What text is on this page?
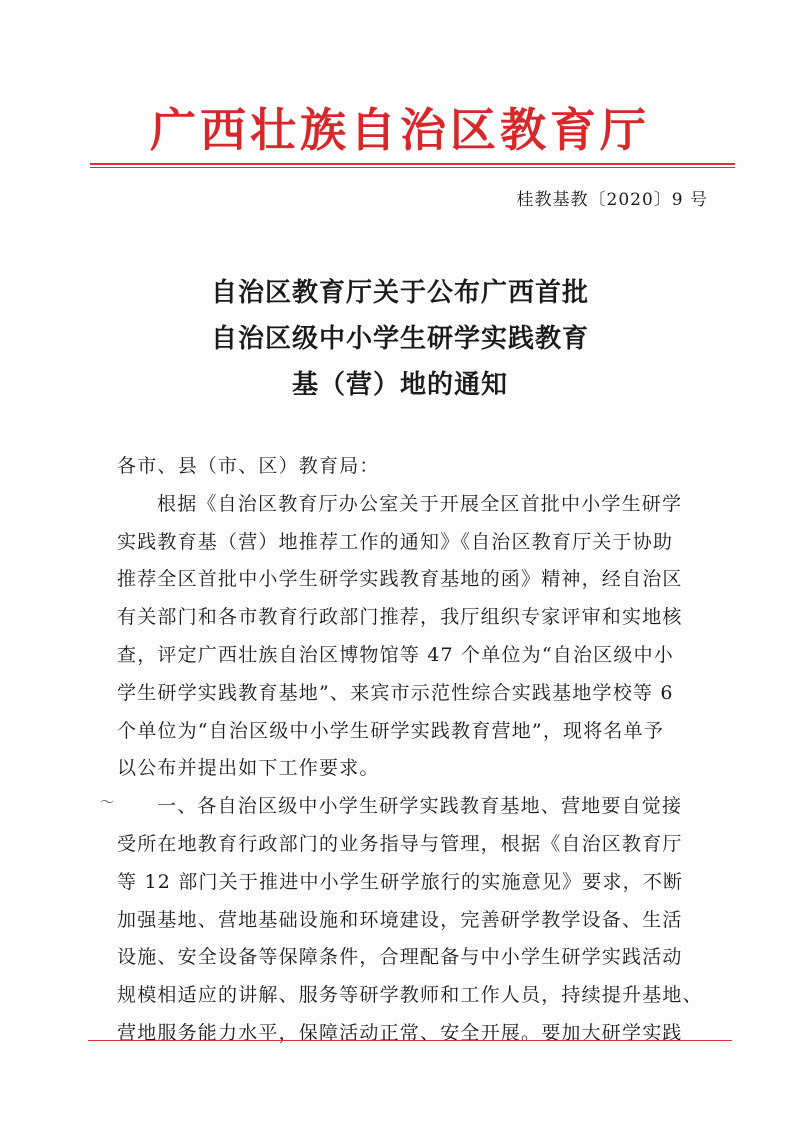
广西壮族自治区教育厅
桂教基教〔2020〕9 号
自治区教育厅关于公布广西首批
自治区级中小学生研学实践教育
基（营）地的通知
～
各市、县（市、区）教育局：
根据《自治区教育厅办公室关于开展全区首批中小学生研学
实践教育基（营）地推荐工作的通知》《自治区教育厅关于协助
推荐全区首批中小学生研学实践教育基地的函》精神，经自治区
有关部门和各市教育行政部门推荐，我厅组织专家评审和实地核
查，评定广西壮族自治区博物馆等 47 个单位为“自治区级中小
学生研学实践教育基地”、来宾市示范性综合实践基地学校等 6
个单位为“自治区级中小学生研学实践教育营地”，现将名单予
以公布并提出如下工作要求。
一、各自治区级中小学生研学实践教育基地、营地要自觉接
受所在地教育行政部门的业务指导与管理，根据《自治区教育厅
等 12 部门关于推进中小学生研学旅行的实施意见》要求，不断
加强基地、营地基础设施和环境建设，完善研学教学设备、生活
设施、安全设备等保障条件，合理配备与中小学生研学实践活动
规模相适应的讲解、服务等研学教师和工作人员，持续提升基地、
营地服务能力水平，保障活动正常、安全开展。要加大研学实践
